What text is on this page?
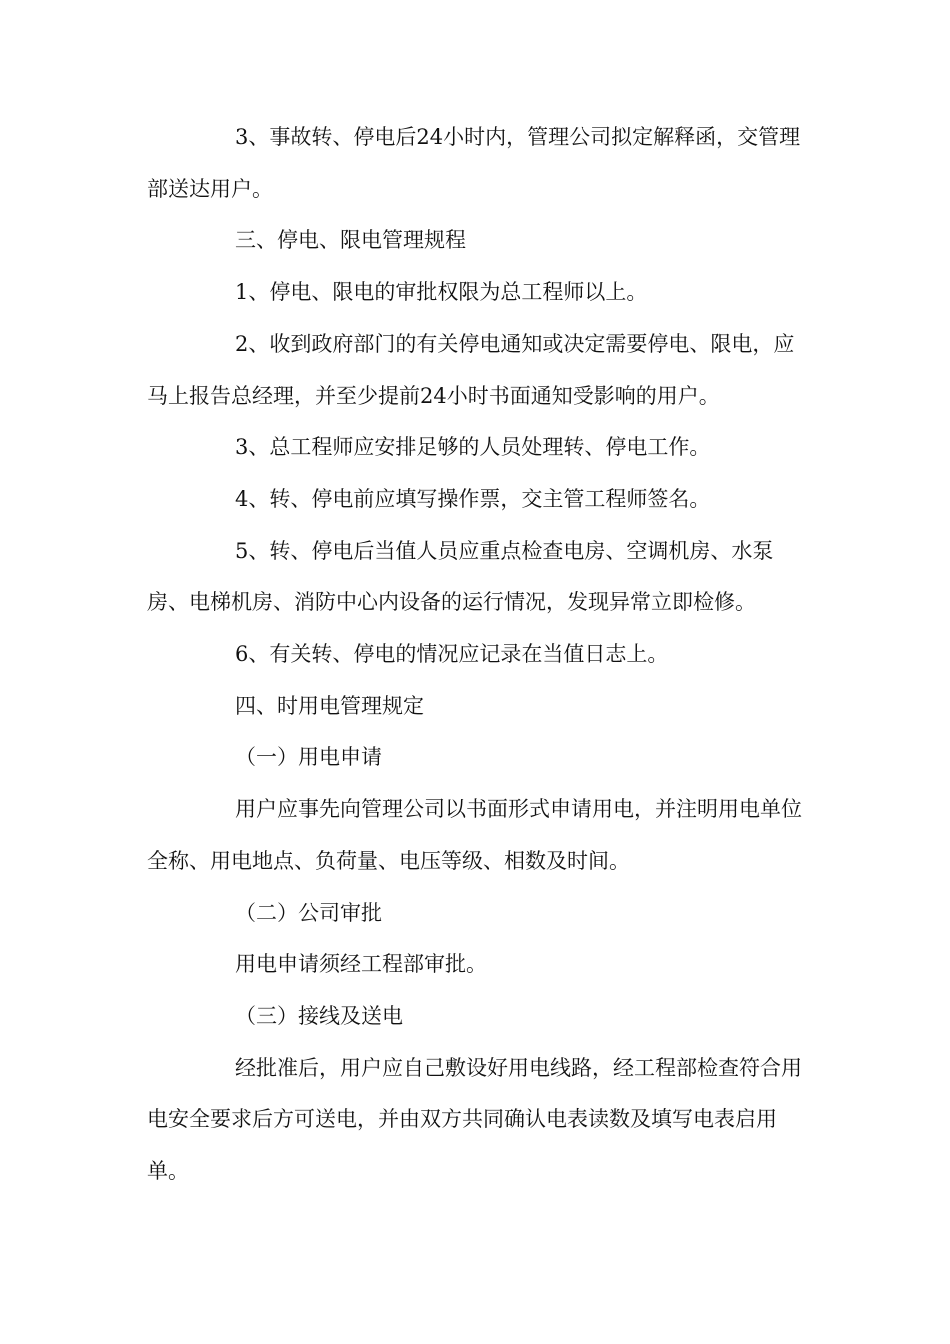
3、事故转、停电后24小时内，管理公司拟定解释函，交管理部送达用户。

三、停电、限电管理规程

1、停电、限电的审批权限为总工程师以上。

2、收到政府部门的有关停电通知或决定需要停电、限电，应马上报告总经理，并至少提前24小时书面通知受影响的用户。

3、总工程师应安排足够的人员处理转、停电工作。

4、转、停电前应填写操作票，交主管工程师签名。

5、转、停电后当值人员应重点检查电房、空调机房、水泵房、电梯机房、消防中心内设备的运行情况，发现异常立即检修。

6、有关转、停电的情况应记录在当值日志上。

四、时用电管理规定

（一）用电申请

用户应事先向管理公司以书面形式申请用电，并注明用电单位全称、用电地点、负荷量、电压等级、相数及时间。

（二）公司审批

用电申请须经工程部审批。

（三）接线及送电

经批准后，用户应自己敷设好用电线路，经工程部检查符合用电安全要求后方可送电，并由双方共同确认电表读数及填写电表启用单。
